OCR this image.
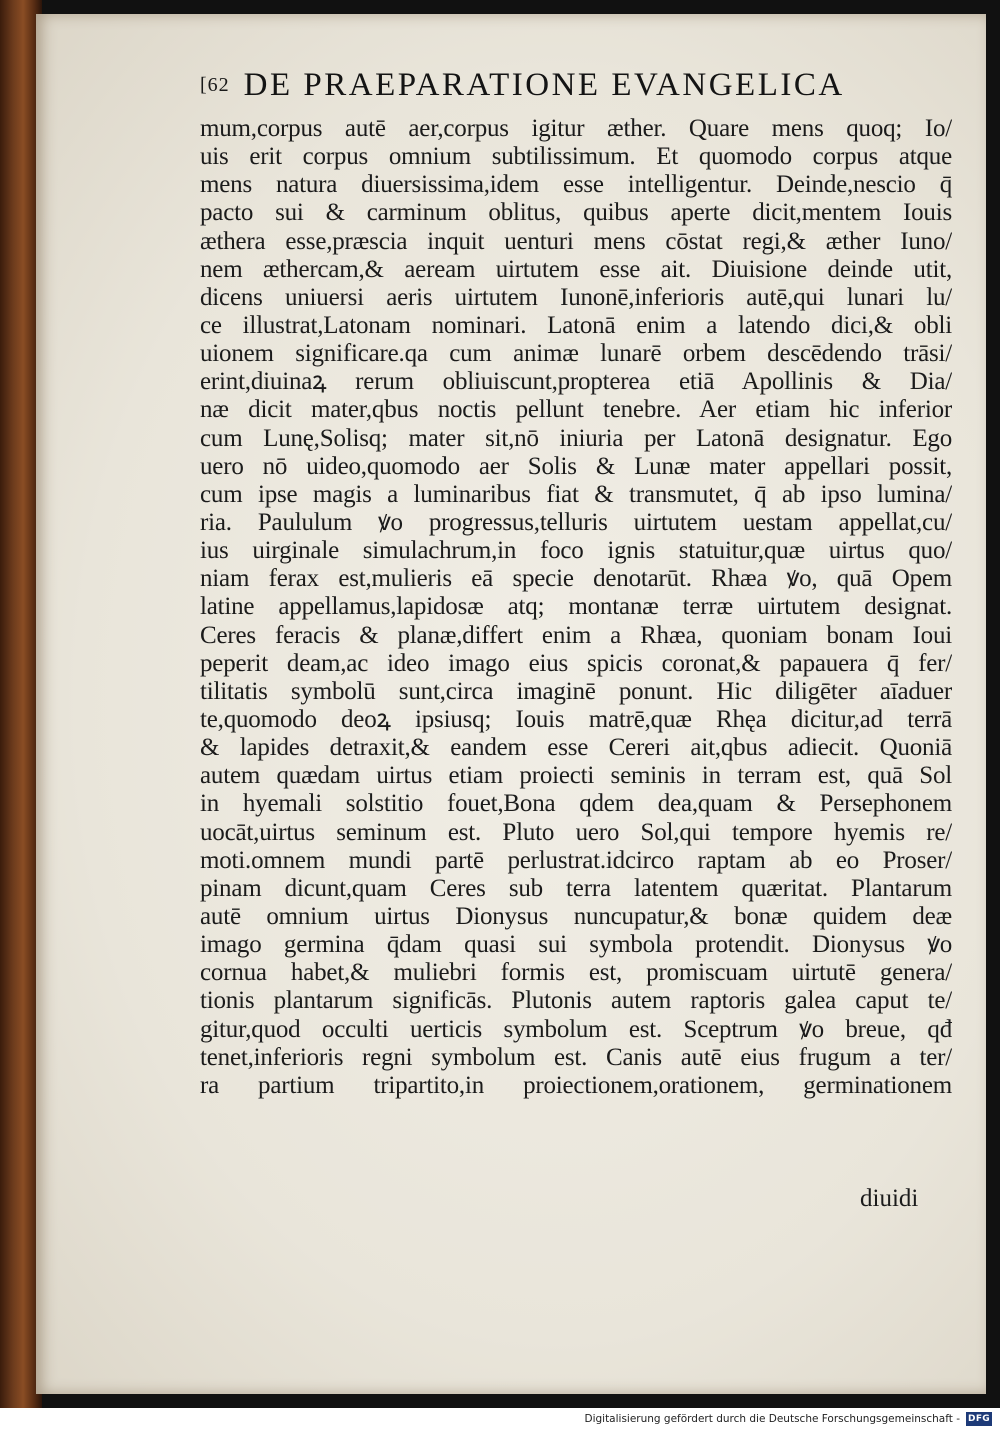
[62 DE PRAEPARATIONE EVANGELICA
mum,corpus autē aer,corpus igitur æther. Quare mens quoq; Io/
uis erit corpus omnium subtilissimum. Et quomodo corpus atque
mens natura diuersissima,idem esse intelligentur. Deinde,nescio q̄
pacto sui & carminum oblitus, quibus aperte dicit,mentem Iouis
æthera esse,præscia inquit uenturi mens cōstat regi,& æther Iuno/
nem æthercam,& aeream uirtutem esse ait. Diuisione deinde utit,
dicens uniuersi aeris uirtutem Iunonē,inferioris autē,qui lunari lu/
ce illustrat,Latonam nominari. Latonā enim a latendo dici,& obli
uionem significare.qa cum animæ lunarē orbem descēdendo trāsi/
erint,diuinaꝝ rerum obliuiscunt,propterea etiā Apollinis & Dia/
næ dicit mater,qbus noctis pellunt tenebre. Aer etiam hic inferior
cum Lunę,Solisq; mater sit,nō iniuria per Latonā designatur. Ego
uero nō uideo,quomodo aer Solis & Lunæ mater appellari possit,
cum ipse magis a luminaribus fiat & transmutet, q̄ ab ipso lumina/
ria. Paululum ꝟo progressus,telluris uirtutem uestam appellat,cu/
ius uirginale simulachrum,in foco ignis statuitur,quæ uirtus quo/
niam ferax est,mulieris eā specie denotarūt. Rhæa ꝟo, quā Opem
latine appellamus,lapidosæ atq; montanæ terræ uirtutem designat.
Ceres feracis & planæ,differt enim a Rhæa, quoniam bonam Ioui
peperit deam,ac ideo imago eius spicis coronat,& papauera q̄ fer/
tilitatis symbolū sunt,circa imaginē ponunt. Hic diligēter aīaduer
te,quomodo deoꝝ ipsiusq; Iouis matrē,quæ Rhęa dicitur,ad terrā
& lapides detraxit,& eandem esse Cereri ait,qbus adiecit. Quoniā
autem quædam uirtus etiam proiecti seminis in terram est, quā Sol
in hyemali solstitio fouet,Bona qdem dea,quam & Persephonem
uocāt,uirtus seminum est. Pluto uero Sol,qui tempore hyemis re/
moti.omnem mundi partē perlustrat.idcirco raptam ab eo Proser/
pinam dicunt,quam Ceres sub terra latentem quæritat. Plantarum
autē omnium uirtus Dionysus nuncupatur,& bonæ quidem deæ
imago germina q̄dam quasi sui symbola protendit. Dionysus ꝟo
cornua habet,& muliebri formis est, promiscuam uirtutē genera/
tionis plantarum significās. Plutonis autem raptoris galea caput te/
gitur,quod occulti uerticis symbolum est. Sceptrum ꝟo breue, qđ
tenet,inferioris regni symbolum est. Canis autē eius frugum a ter/
ra partium tripartito,in proiectionem,orationem, germinationem
diuidi
Digitalisierung gefördert durch die Deutsche Forschungsgemeinschaft - DFG
